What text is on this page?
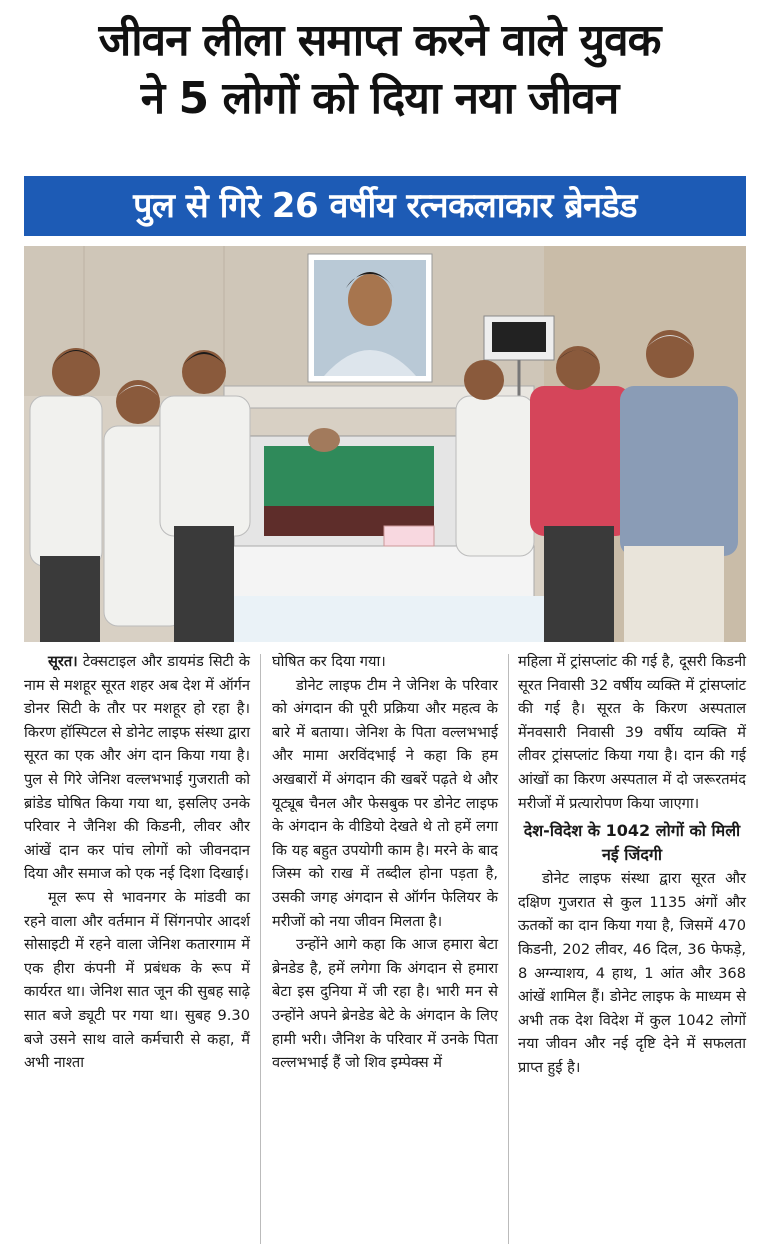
जीवन लीला समाप्त करने वाले युवक
ने 5 लोगों को दिया नया जीवन
पुल से गिरे 26 वर्षीय रत्नकलाकार ब्रेनडेड

सूरत। टेक्सटाइल और डायमंड सिटी के नाम से मशहूर सूरत शहर अब देश में ऑर्गन डोनर सिटी के तौर पर मशहूर हो रहा है। किरण हॉस्पिटल से डोनेट लाइफ संस्था द्वारा सूरत का एक और अंग दान किया गया है। पुल से गिरे जेनिश वल्लभभाई गुजराती को ब्रांडेड घोषित किया गया था, इसलिए उनके परिवार ने जैनिश की किडनी, लीवर और आंखें दान कर पांच लोगों को जीवनदान दिया और समाज को एक नई दिशा दिखाई।

मूल रूप से भावनगर के मांडवी का रहने वाला और वर्तमान में सिंगनपोर आदर्श सोसाइटी में रहने वाला जेनिश कतारगाम में एक हीरा कंपनी में प्रबंधक के रूप में कार्यरत था। जेनिश सात जून की सुबह साढ़े सात बजे ड्यूटी पर गया था। सुबह 9.30 बजे उसने साथ वाले कर्मचारी से कहा, मैं अभी नाश्ता

घोषित कर दिया गया।

डोनेट लाइफ टीम ने जेनिश के परिवार को अंगदान की पूरी प्रक्रिया और महत्व के बारे में बताया। जेनिश के पिता वल्लभभाई और मामा अरविंदभाई ने कहा कि हम अखबारों में अंगदान की खबरें पढ़ते थे और यूट्यूब चैनल और फेसबुक पर डोनेट लाइफ के अंगदान के वीडियो देखते थे तो हमें लगा कि यह बहुत उपयोगी काम है। मरने के बाद जिस्म को राख में तब्दील होना पड़ता है, उसकी जगह अंगदान से ऑर्गन फेलियर के मरीजों को नया जीवन मिलता है।

उन्होंने आगे कहा कि आज हमारा बेटा ब्रेनडेड है, हमें लगेगा कि अंगदान से हमारा बेटा इस दुनिया में जी रहा है। भारी मन से उन्होंने अपने ब्रेनडेड बेटे के अंगदान के लिए हामी भरी। जैनिश के परिवार में उनके पिता वल्लभभाई हैं जो शिव इम्पेक्स में

महिला में ट्रांसप्लांट की गई है, दूसरी किडनी सूरत निवासी 32 वर्षीय व्यक्ति में ट्रांसप्लांट की गई है। सूरत के किरण अस्पताल मेंनवसारी निवासी 39 वर्षीय व्यक्ति में लीवर ट्रांसप्लांट किया गया है। दान की गई आंखों का किरण अस्पताल में दो जरूरतमंद मरीजों में प्रत्यारोपण किया जाएगा।

देश-विदेश के 1042 लोगों को मिली नई जिंदगी

डोनेट लाइफ संस्था द्वारा सूरत और दक्षिण गुजरात से कुल 1135 अंगों और ऊतकों का दान किया गया है, जिसमें 470 किडनी, 202 लीवर, 46 दिल, 36 फेफड़े, 8 अग्न्याशय, 4 हाथ, 1 आंत और 368 आंखें शामिल हैं। डोनेट लाइफ के माध्यम से अभी तक देश विदेश में कुल 1042 लोगों नया जीवन और नई दृष्टि देने में सफलता प्राप्त हुई है।
